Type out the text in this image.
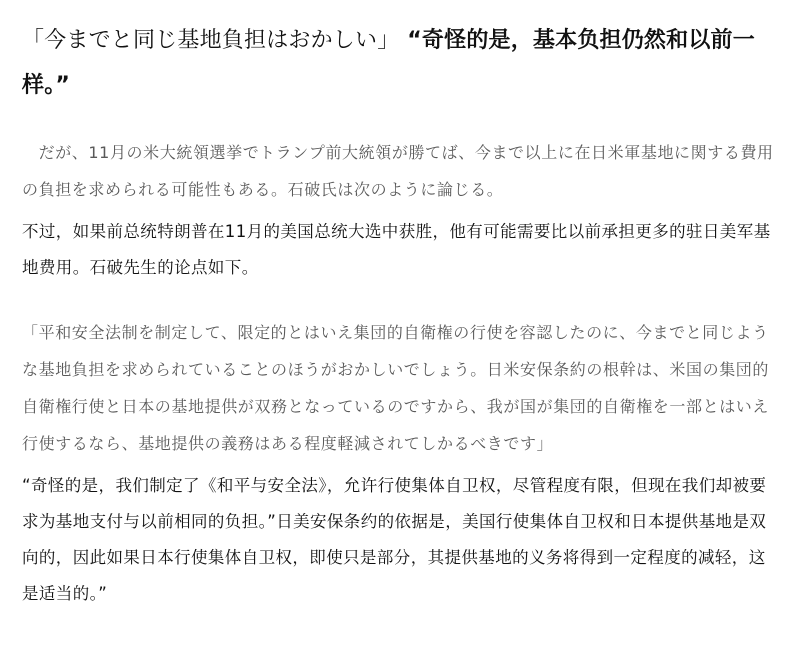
「今までと同じ基地負担はおかしい」 “奇怪的是，基本负担仍然和以前一样。”

　だが、11月の米大統領選挙でトランプ前大統領が勝てば、今まで以上に在日米軍基地に関する費用の負担を求められる可能性もある。石破氏は次のように論じる。

不过，如果前总统特朗普在11月的美国总统大选中获胜，他有可能需要比以前承担更多的驻日美军基地费用。石破先生的论点如下。

「平和安全法制を制定して、限定的とはいえ集団的自衛権の行使を容認したのに、今までと同じような基地負担を求められていることのほうがおかしいでしょう。日米安保条約の根幹は、米国の集団的自衛権行使と日本の基地提供が双務となっているのですから、我が国が集団的自衛権を一部とはいえ行使するなら、基地提供の義務はある程度軽減されてしかるべきです」

“奇怪的是，我们制定了《和平与安全法》，允许行使集体自卫权，尽管程度有限，但现在我们却被要求为基地支付与以前相同的负担。”日美安保条约的依据是，美国行使集体自卫权和日本提供基地是双向的，因此如果日本行使集体自卫权，即使只是部分，其提供基地的义务将得到一定程度的减轻，这是适当的。”
